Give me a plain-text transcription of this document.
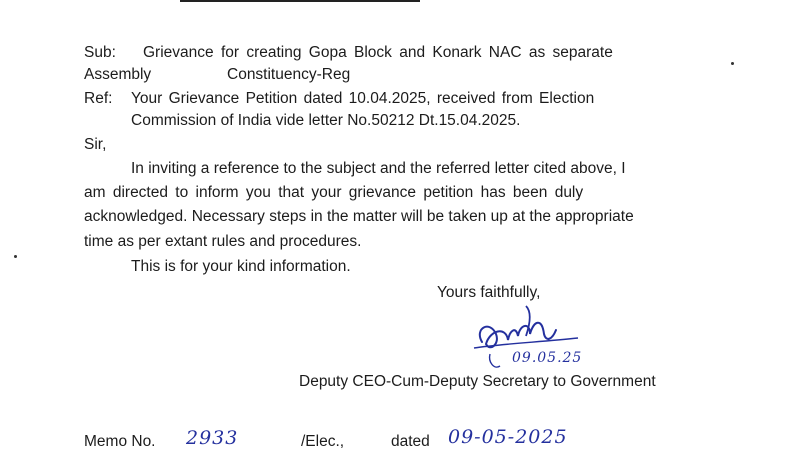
Sub: Grievance for creating Gopa Block and Konark NAC as separate
Assembly	Constituency-Reg
Ref: Your Grievance Petition dated 10.04.2025, received from Election
Commission of India vide letter No.50212 Dt.15.04.2025.
Sir,
In inviting a reference to the subject and the referred letter cited above, I
am directed to inform you that your grievance petition has been duly
acknowledged. Necessary steps in the matter will be taken up at the appropriate
time as per extant rules and procedures.
This is for your kind information.
Yours faithfully,
09.05.25
Deputy CEO-Cum-Deputy Secretary to Government
Memo No. 2933	/Elec.,	dated 09-05-2025
